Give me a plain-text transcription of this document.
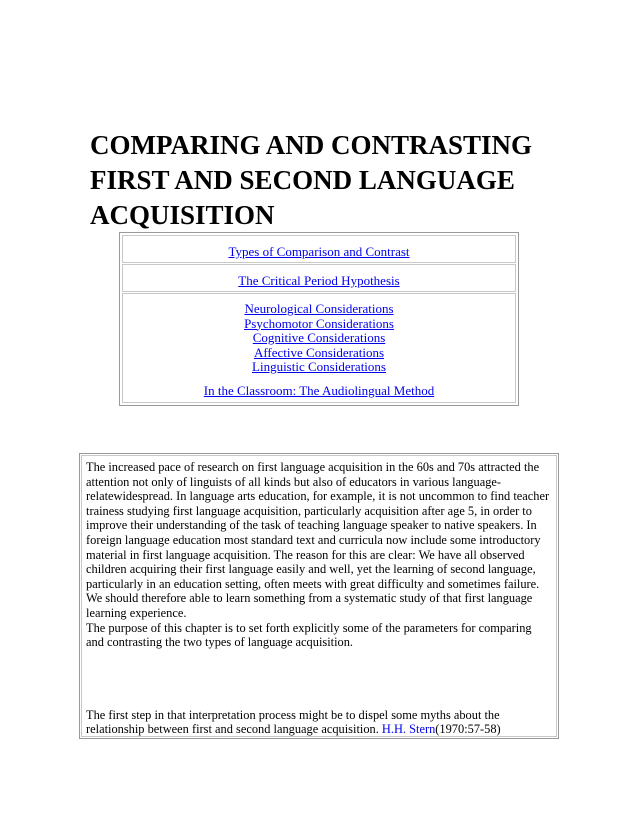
COMPARING AND CONTRASTING
FIRST AND SECOND LANGUAGE
ACQUISITION
Types of Comparison and Contrast
The Critical Period Hypothesis
Neurological Considerations
Psychomotor Considerations
Cognitive Considerations
Affective Considerations
Linguistic Considerations
In the Classroom: The Audiolingual Method

The increased pace of research on first language acquisition in the 60s and 70s attracted the attention not only of linguists of all kinds but also of educators in various language-relatewidespread. In language arts education, for example, it is not uncommon to find teacher trainess studying first language acquisition, particularly acquisition after age 5, in order to improve their understanding of the task of teaching language speaker to native speakers. In foreign language education most standard text and curricula now include some introductory material in first language acquisition. The reason for this are clear: We have all observed children acquiring their first language easily and well, yet the learning of second language, particularly in an education setting, often meets with great difficulty and sometimes failure. We should therefore able to learn something from a systematic study of that first language learning experience.

The purpose of this chapter is to set forth explicitly some of the parameters for comparing and contrasting the two types of language acquisition.

The first step in that interpretation process might be to dispel some myths about the relationship between first and second language acquisition. H.H. Stern(1970:57-58)
